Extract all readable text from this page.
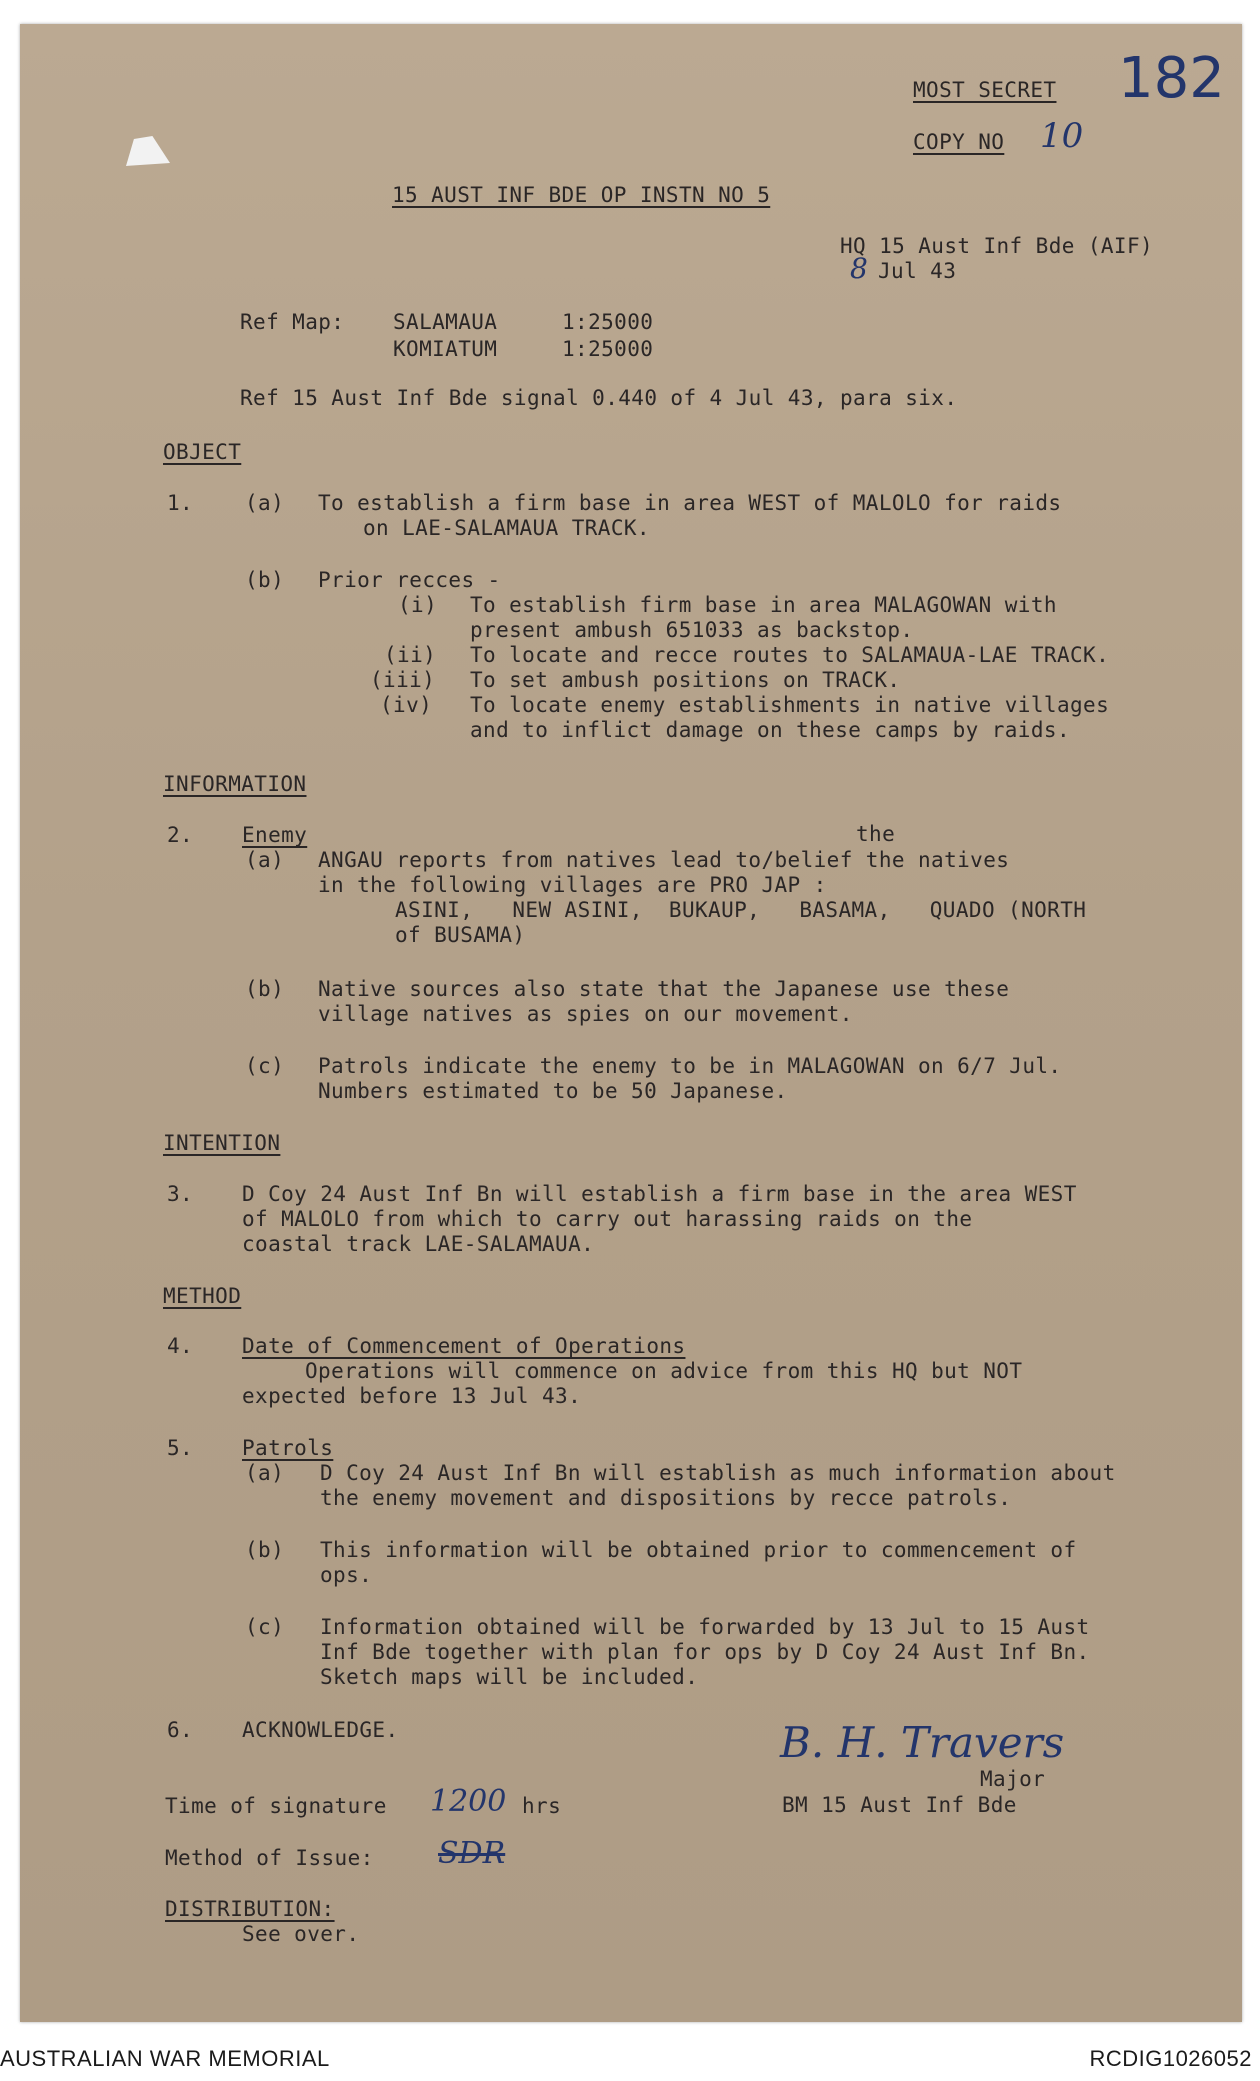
MOST SECRET
COPY NO 10
182
15 AUST INF BDE OP INSTN NO 5
HQ 15 Aust Inf Bde (AIF)
8 Jul 43
Ref Map: SALAMAUA	1:25000
KOMIATUM	1:25000
Ref 15 Aust Inf Bde signal 0.440 of 4 Jul 43, para six.
OBJECT
1. (a) To establish a firm base in area WEST of MALOLO for raids
on LAE-SALAMAUA TRACK.
(b) Prior recces -
(i) To establish firm base in area MALAGOWAN with
present ambush 651033 as backstop.
(ii) To locate and recce routes to SALAMAUA-LAE TRACK.
(iii) To set ambush positions on TRACK.
(iv) To locate enemy establishments in native villages
and to inflict damage on these camps by raids.
INFORMATION
2. Enemy	the
(a) ANGAU reports from natives lead to/belief the natives
in the following villages are PRO JAP :
ASINI,   NEW ASINI,  BUKAUP,   BASAMA,   QUADO (NORTH
of BUSAMA)
(b) Native sources also state that the Japanese use these
village natives as spies on our movement.
(c) Patrols indicate the enemy to be in MALAGOWAN on 6/7 Jul.
Numbers estimated to be 50 Japanese.
INTENTION
3. D Coy 24 Aust Inf Bn will establish a firm base in the area WEST
of MALOLO from which to carry out harassing raids on the
coastal track LAE-SALAMAUA.
METHOD
4. Date of Commencement of Operations
Operations will commence on advice from this HQ but NOT
expected before 13 Jul 43.
5. Patrols
(a) D Coy 24 Aust Inf Bn will establish as much information about
the enemy movement and dispositions by recce patrols.
(b) This information will be obtained prior to commencement of
ops.
(c) Information obtained will be forwarded by 13 Jul to 15 Aust
Inf Bde together with plan for ops by D Coy 24 Aust Inf Bn.
Sketch maps will be included.
6. ACKNOWLEDGE.	B. H. Travers
Major
BM 15 Aust Inf Bde
Time of signature 1200 hrs
Method of Issue: SDR
DISTRIBUTION:
See over.
AUSTRALIAN WAR MEMORIAL	RCDIG1026052
